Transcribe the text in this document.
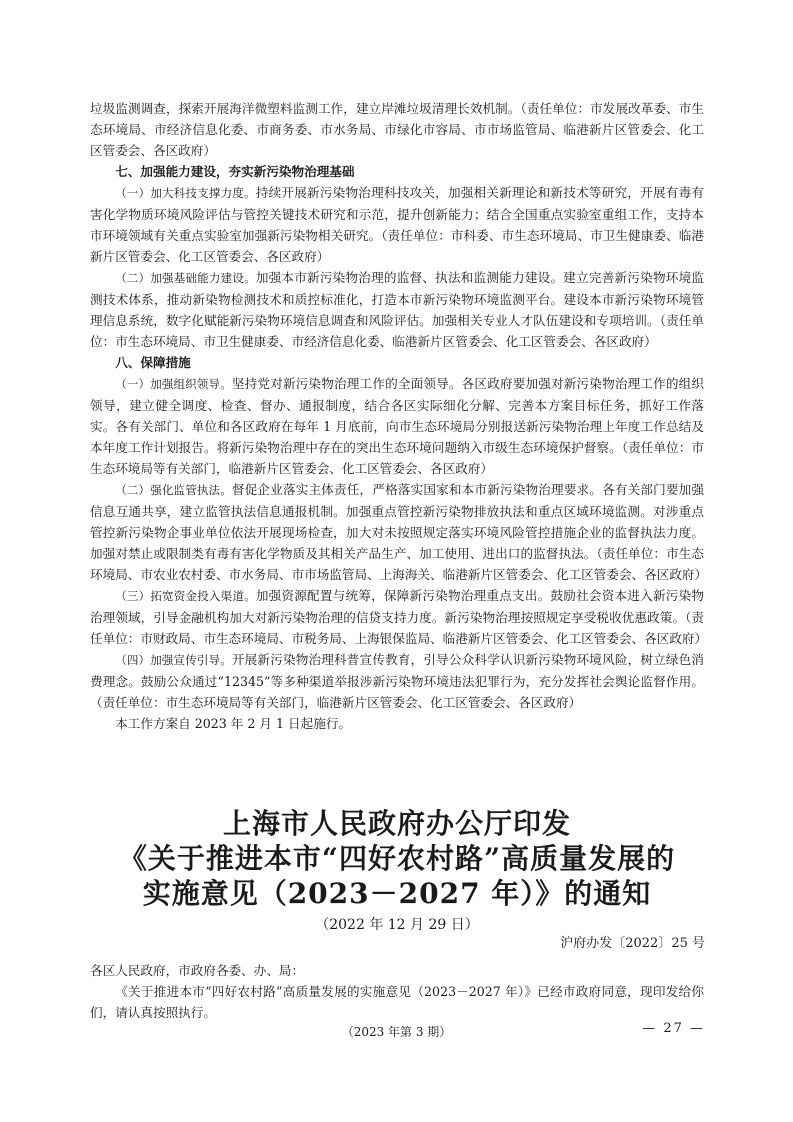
垃圾监测调查，探索开展海洋微塑料监测工作，建立岸滩垃圾清理长效机制。（责任单位：市发展改革委、市生态环境局、市经济信息化委、市商务委、市水务局、市绿化市容局、市市场监管局、临港新片区管委会、化工区管委会、各区政府）

七、加强能力建设，夯实新污染物治理基础

（一）加大科技支撑力度。持续开展新污染物治理科技攻关，加强相关新理论和新技术等研究，开展有毒有害化学物质环境风险评估与管控关键技术研究和示范，提升创新能力；结合全国重点实验室重组工作，支持本市环境领域有关重点实验室加强新污染物相关研究。（责任单位：市科委、市生态环境局、市卫生健康委、临港新片区管委会、化工区管委会、各区政府）

（二）加强基础能力建设。加强本市新污染物治理的监督、执法和监测能力建设。建立完善新污染物环境监测技术体系，推动新染物检测技术和质控标准化，打造本市新污染物环境监测平台。建设本市新污染物环境管理信息系统，数字化赋能新污染物环境信息调查和风险评估。加强相关专业人才队伍建设和专项培训。（责任单位：市生态环境局、市卫生健康委、市经济信息化委、临港新片区管委会、化工区管委会、各区政府）

八、保障措施

（一）加强组织领导。坚持党对新污染物治理工作的全面领导。各区政府要加强对新污染物治理工作的组织领导，建立健全调度、检查、督办、通报制度，结合各区实际细化分解、完善本方案目标任务，抓好工作落实。各有关部门、单位和各区政府在每年 1 月底前，向市生态环境局分别报送新污染物治理上年度工作总结及本年度工作计划报告。将新污染物治理中存在的突出生态环境问题纳入市级生态环境保护督察。（责任单位：市生态环境局等有关部门，临港新片区管委会、化工区管委会、各区政府）

（二）强化监管执法。督促企业落实主体责任，严格落实国家和本市新污染物治理要求。各有关部门要加强信息互通共享，建立监管执法信息通报机制。加强重点管控新污染物排放执法和重点区域环境监测。对涉重点管控新污染物企事业单位依法开展现场检查，加大对未按照规定落实环境风险管控措施企业的监督执法力度。加强对禁止或限制类有毒有害化学物质及其相关产品生产、加工使用、进出口的监督执法。（责任单位：市生态环境局、市农业农村委、市水务局、市市场监管局、上海海关、临港新片区管委会、化工区管委会、各区政府）

（三）拓宽资金投入渠道。加强资源配置与统筹，保障新污染物治理重点支出。鼓励社会资本进入新污染物治理领域，引导金融机构加大对新污染物治理的信贷支持力度。新污染物治理按照规定享受税收优惠政策。（责任单位：市财政局、市生态环境局、市税务局、上海银保监局、临港新片区管委会、化工区管委会、各区政府）

（四）加强宣传引导。开展新污染物治理科普宣传教育，引导公众科学认识新污染物环境风险，树立绿色消费理念。鼓励公众通过“12345”等多种渠道举报涉新污染物环境违法犯罪行为，充分发挥社会舆论监督作用。（责任单位：市生态环境局等有关部门，临港新片区管委会、化工区管委会、各区政府）

本工作方案自 2023 年 2 月 1 日起施行。

上海市人民政府办公厅印发
《关于推进本市“四好农村路”高质量发展的
实施意见（2023－2027 年）》的通知
（2022 年 12 月 29 日）
沪府办发〔2022〕25 号

各区人民政府，市政府各委、办、局：

《关于推进本市“四好农村路”高质量发展的实施意见（2023－2027 年）》已经市政府同意，现印发给你们，请认真按照执行。

（2023 年第 3 期）	— 27 —
